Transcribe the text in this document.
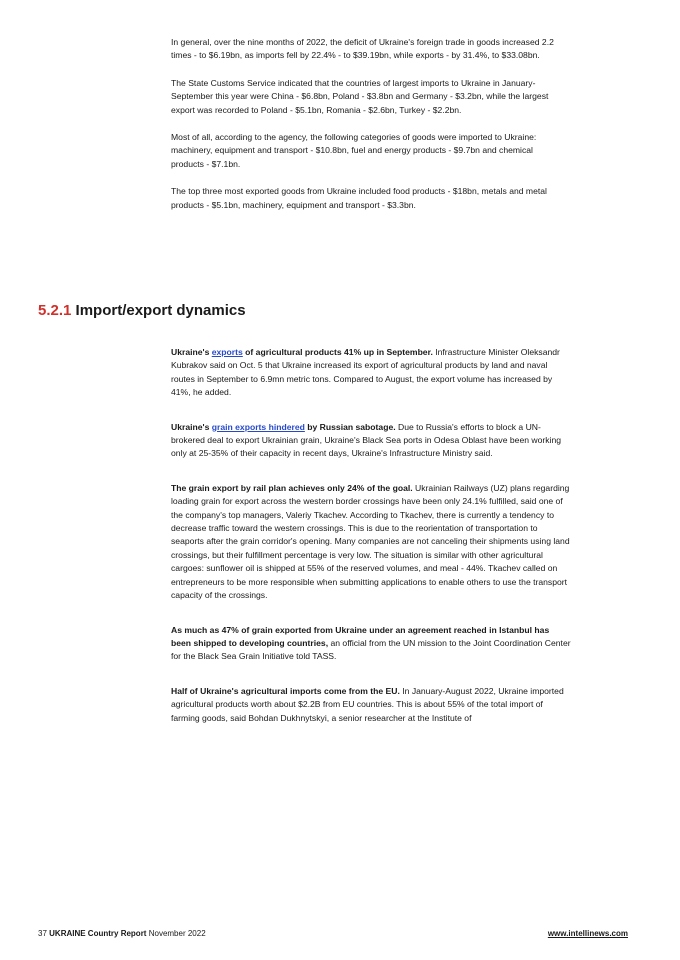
In general, over the nine months of 2022, the deficit of Ukraine's foreign trade in goods increased 2.2 times - to $6.19bn, as imports fell by 22.4% - to $39.19bn, while exports - by 31.4%, to $33.08bn.

The State Customs Service indicated that the countries of largest imports to Ukraine in January-September this year were China - $6.8bn, Poland - $3.8bn and Germany - $3.2bn, while the largest export was recorded to Poland - $5.1bn, Romania - $2.6bn, Turkey - $2.2bn.

Most of all, according to the agency, the following categories of goods were imported to Ukraine: machinery, equipment and transport - $10.8bn, fuel and energy products - $9.7bn and chemical products - $7.1bn.

The top three most exported goods from Ukraine included food products - $18bn, metals and metal products - $5.1bn, machinery, equipment and transport - $3.3bn.

5.2.1 Import/export dynamics

Ukraine's exports of agricultural products 41% up in September. Infrastructure Minister Oleksandr Kubrakov said on Oct. 5 that Ukraine increased its export of agricultural products by land and naval routes in September to 6.9mn metric tons. Compared to August, the export volume has increased by 41%, he added.

Ukraine's grain exports hindered by Russian sabotage. Due to Russia's efforts to block a UN-brokered deal to export Ukrainian grain, Ukraine's Black Sea ports in Odesa Oblast have been working only at 25-35% of their capacity in recent days, Ukraine's Infrastructure Ministry said.

The grain export by rail plan achieves only 24% of the goal. Ukrainian Railways (UZ) plans regarding loading grain for export across the western border crossings have been only 24.1% fulfilled, said one of the company's top managers, Valeriy Tkachev. According to Tkachev, there is currently a tendency to decrease traffic toward the western crossings. This is due to the reorientation of transportation to seaports after the grain corridor's opening. Many companies are not canceling their shipments using land crossings, but their fulfillment percentage is very low. The situation is similar with other agricultural cargoes: sunflower oil is shipped at 55% of the reserved volumes, and meal - 44%. Tkachev called on entrepreneurs to be more responsible when submitting applications to enable others to use the transport capacity of the crossings.

As much as 47% of grain exported from Ukraine under an agreement reached in Istanbul has been shipped to developing countries, an official from the UN mission to the Joint Coordination Center for the Black Sea Grain Initiative told TASS.

Half of Ukraine's agricultural imports come from the EU. In January-August 2022, Ukraine imported agricultural products worth about $2.2B from EU countries. This is about 55% of the total import of farming goods, said Bohdan Dukhnytskyi, a senior researcher at the Institute of

37 UKRAINE Country Report November 2022	www.intellinews.com
